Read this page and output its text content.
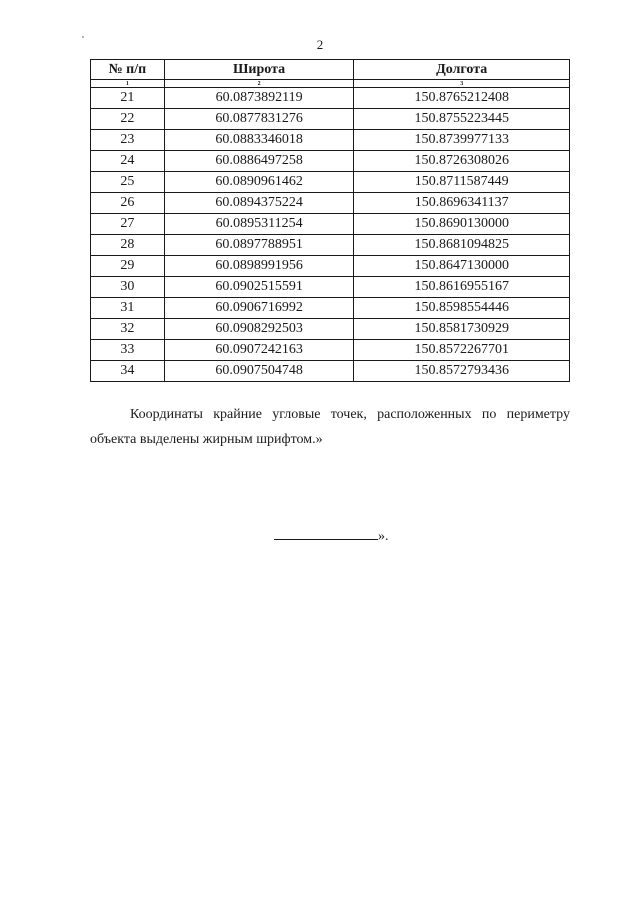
2
№ п/п	Широта	Долгота
1	2	3
21	60.0873892119	150.8765212408
22	60.0877831276	150.8755223445
23	60.0883346018	150.8739977133
24	60.0886497258	150.8726308026
25	60.0890961462	150.8711587449
26	60.0894375224	150.8696341137
27	60.0895311254	150.8690130000
28	60.0897788951	150.8681094825
29	60.0898991956	150.8647130000
30	60.0902515591	150.8616955167
31	60.0906716992	150.8598554446
32	60.0908292503	150.8581730929
33	60.0907242163	150.8572267701
34	60.0907504748	150.8572793436

Координаты крайние угловые точек, расположенных по периметру объекта выделены жирным шрифтом.»

».
